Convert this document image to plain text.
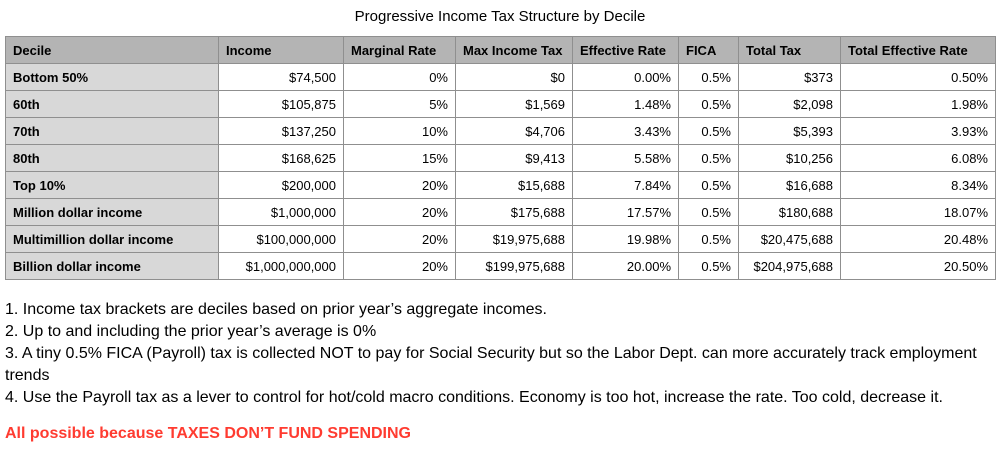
Progressive Income Tax Structure by Decile
Decile	Income	Marginal Rate	Max Income Tax	Effective Rate	FICA	Total Tax	Total Effective Rate
Bottom 50%	$74,500	0%	$0	0.00%	0.5%	$373	0.50%
60th	$105,875	5%	$1,569	1.48%	0.5%	$2,098	1.98%
70th	$137,250	10%	$4,706	3.43%	0.5%	$5,393	3.93%
80th	$168,625	15%	$9,413	5.58%	0.5%	$10,256	6.08%
Top 10%	$200,000	20%	$15,688	7.84%	0.5%	$16,688	8.34%
Million dollar income	$1,000,000	20%	$175,688	17.57%	0.5%	$180,688	18.07%
Multimillion dollar income	$100,000,000	20%	$19,975,688	19.98%	0.5%	$20,475,688	20.48%
Billion dollar income	$1,000,000,000	20%	$199,975,688	20.00%	0.5%	$204,975,688	20.50%
1. Income tax brackets are deciles based on prior year’s aggregate incomes.
2. Up to and including the prior year’s average is 0%
3. A tiny 0.5% FICA (Payroll) tax is collected NOT to pay for Social Security but so the Labor Dept. can more accurately track employment trends
4. Use the Payroll tax as a lever to control for hot/cold macro conditions. Economy is too hot, increase the rate. Too cold, decrease it.
All possible because TAXES DON’T FUND SPENDING
